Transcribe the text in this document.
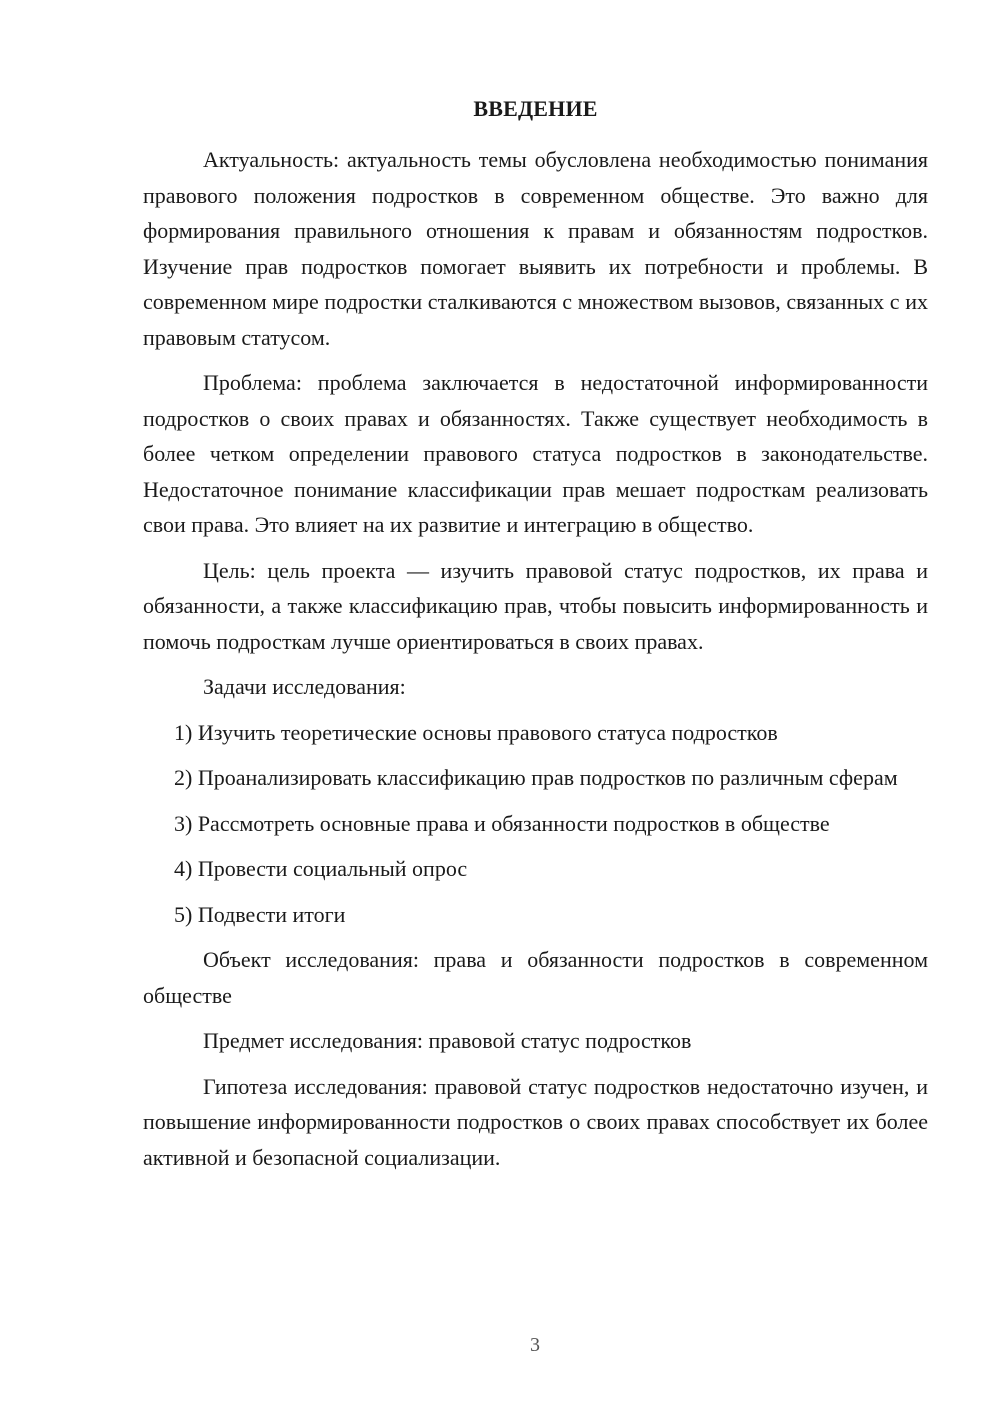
ВВЕДЕНИЕ

Актуальность: актуальность темы обусловлена необходимостью понимания правового положения подростков в современном обществе. Это важно для формирования правильного отношения к правам и обязанностям подростков. Изучение прав подростков помогает выявить их потребности и проблемы. В современном мире подростки сталкиваются с множеством вызовов, связанных с их правовым статусом.

Проблема: проблема заключается в недостаточной информированности подростков о своих правах и обязанностях. Также существует необходимость в более четком определении правового статуса подростков в законодательстве. Недостаточное понимание классификации прав мешает подросткам реализовать свои права. Это влияет на их развитие и интеграцию в общество.

Цель: цель проекта — изучить правовой статус подростков, их права и обязанности, а также классификацию прав, чтобы повысить информированность и помочь подросткам лучше ориентироваться в своих правах.

Задачи исследования:

1) Изучить теоретические основы правового статуса подростков

2) Проанализировать классификацию прав подростков по различным сферам

3) Рассмотреть основные права и обязанности подростков в обществе

4) Провести социальный опрос

5) Подвести итоги

Объект исследования: права и обязанности подростков в современном обществе

Предмет исследования: правовой статус подростков

Гипотеза исследования: правовой статус подростков недостаточно изучен, и повышение информированности подростков о своих правах способствует их более активной и безопасной социализации.

3
